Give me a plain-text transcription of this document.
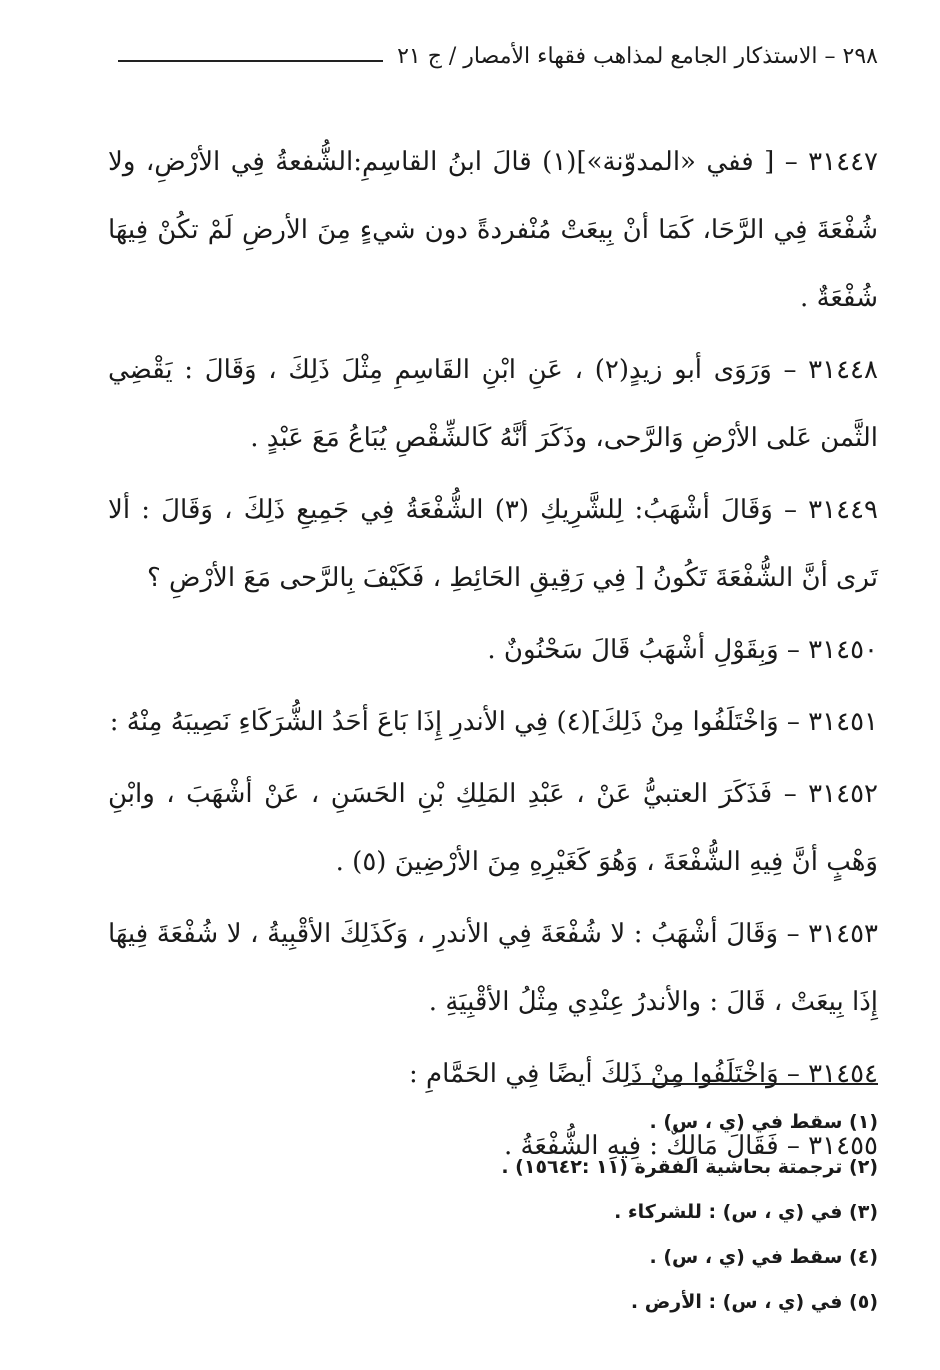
٢٩٨ – الاستذكار الجامع لمذاهب فقهاء الأمصار / ج ٢١

٣١٤٤٧ – [ ففي «المدوّنة»](١) قالَ ابنُ القاسِمِ:الشُّفعةُ فِي الأرْضِ، ولا شُفْعَةَ فِي الرَّحَا، كَمَا أنْ بِيعَتْ مُنْفردةً دون شيءٍ مِنَ الأرضِ لَمْ تكُنْ فِيهَا شُفْعَةٌ .

٣١٤٤٨ – وَرَوَى أبو زيدٍ(٢) ، عَنِ ابْنِ القَاسِمِ مِثْلَ ذَلِكَ ، وَقَالَ : يَقْضِي الثَّمن عَلى الأرْضِ وَالرَّحى، وذَكَرَ أنَّهُ كَالشِّقْصِ يُبَاعُ مَعَ عَبْدٍ .

٣١٤٤٩ – وَقَالَ أشْهَبُ: لِلشَّرِيكِ (٣) الشُّفْعَةُ فِي جَمِيعِ ذَلِكَ ، وَقَالَ : ألا تَرى أنَّ الشُّفْعَةَ تَكُونُ [ فِي رَقِيقِ الحَائِطِ ، فَكَيْفَ بِالرَّحى مَعَ الأرْضِ ؟

٣١٤٥٠ – وَبِقَوْلِ أشْهَبُ قَالَ سَحْنُونٌ .

٣١٤٥١ – وَاخْتَلَفُوا مِنْ ذَلِكَ](٤) فِي الأندرِ إِذَا بَاعَ أحَدُ الشُّرَكَاءِ نَصِيبَهُ مِنْهُ :

٣١٤٥٢ – فَذَكَرَ العتبيُّ عَنْ ، عَبْدِ المَلِكِ بْنِ الحَسَنِ ، عَنْ أشْهَبَ ، وابْنِ وَهْبٍ أنَّ فِيهِ الشُّفْعَةَ ، وَهُوَ كَغَيْرِهِ مِنَ الأرْضِينَ (٥) .

٣١٤٥٣ – وَقَالَ أشْهَبُ : لا شُفْعَةَ فِي الأندرِ ، وَكَذَلِكَ الأقْبِيةُ ، لا شُفْعَةَ فِيهَا إِذَا بِيعَتْ ، قَالَ : والأندرُ عِنْدِي مِثْلُ الأقْبِيَةِ .

٣١٤٥٤ – وَاخْتَلَفُوا مِنْ ذَلِكَ أيضًا فِي الحَمَّامِ :

٣١٤٥٥ – فَقَالَ مَالِكٌ : فِيهِ الشُّفْعَةُ .

(١) سقط في (ي ، س) .

(٢) ترجمتة بحاشية الفقرة (١١ :١٥٦٤٢) .

(٣) في (ي ، س) : للشركاء .

(٤) سقط في (ي ، س) .

(٥) في (ي ، س) : الأرض .
